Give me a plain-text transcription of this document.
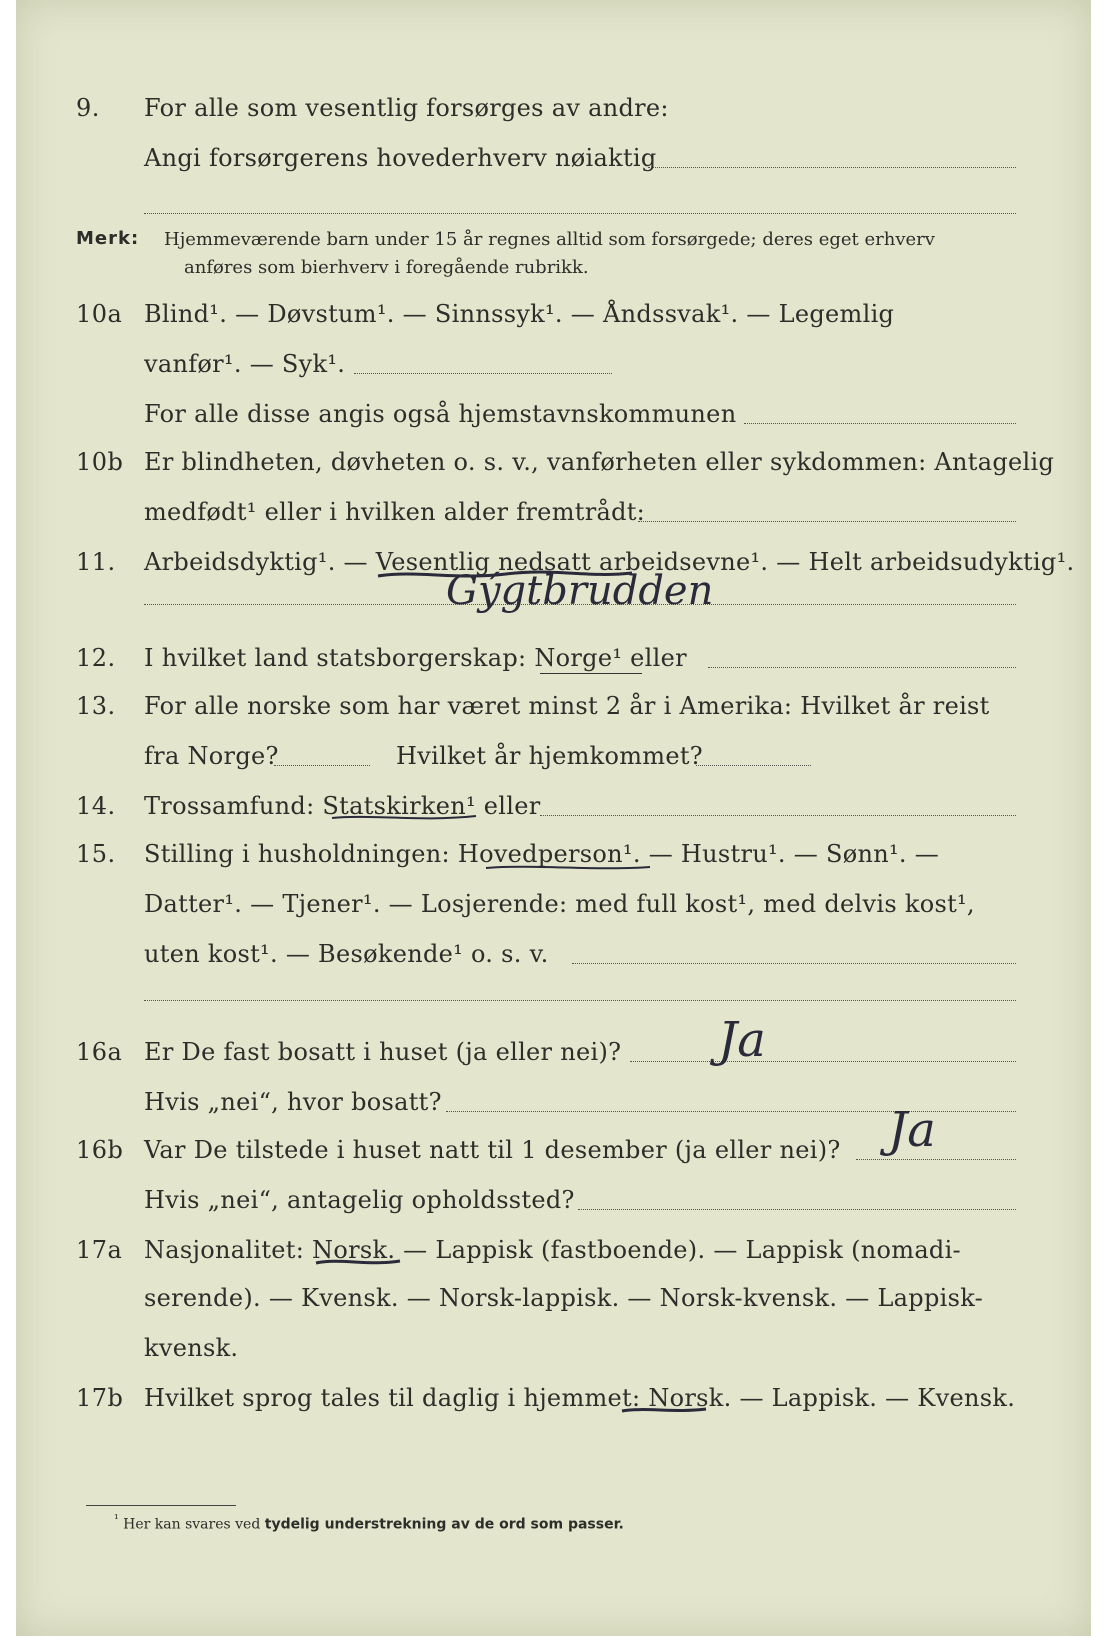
9. For alle som vesentlig forsørges av andre:
Angi forsørgerens hovederhverv nøiaktig
Merk: Hjemmeværende barn under 15 år regnes alltid som forsørgede; deres eget erhverv
anføres som bierhverv i foregående rubrikk.
10a Blind¹. — Døvstum¹. — Sinnssyk¹. — Åndssvak¹. — Legemlig
vanfør¹. — Syk¹.
For alle disse angis også hjemstavnskommunen
10b Er blindheten, døvheten o. s. v., vanførheten eller sykdommen: Antagelig
medfødt¹ eller i hvilken alder fremtrådt:
11. Arbeidsdyktig¹. — Vesentlig nedsatt arbeidsevne¹. — Helt arbeidsudyktig¹.
Gýgtbrudden
12. I hvilket land statsborgerskap: Norge¹ eller
13. For alle norske som har været minst 2 år i Amerika: Hvilket år reist
fra Norge?	Hvilket år hjemkommet?
14. Trossamfund: Statskirken¹ eller
15. Stilling i husholdningen: Hovedperson¹. — Hustru¹. — Sønn¹. —
Datter¹. — Tjener¹. — Losjerende: med full kost¹, med delvis kost¹,
uten kost¹. — Besøkende¹ o. s. v.
16a Er De fast bosatt i huset (ja eller nei)? Ja
Hvis „nei“, hvor bosatt?
16b Var De tilstede i huset natt til 1 desember (ja eller nei)? Ja
Hvis „nei“, antagelig opholdssted?
17a Nasjonalitet: Norsk. — Lappisk (fastboende). — Lappisk (nomadi-
serende). — Kvensk. — Norsk-lappisk. — Norsk-kvensk. — Lappisk-
kvensk.
17b Hvilket sprog tales til daglig i hjemmet: Norsk. — Lappisk. — Kvensk.
$^{^1}$ Her kan svares ved tydelig understrekning av de ord som passer.
